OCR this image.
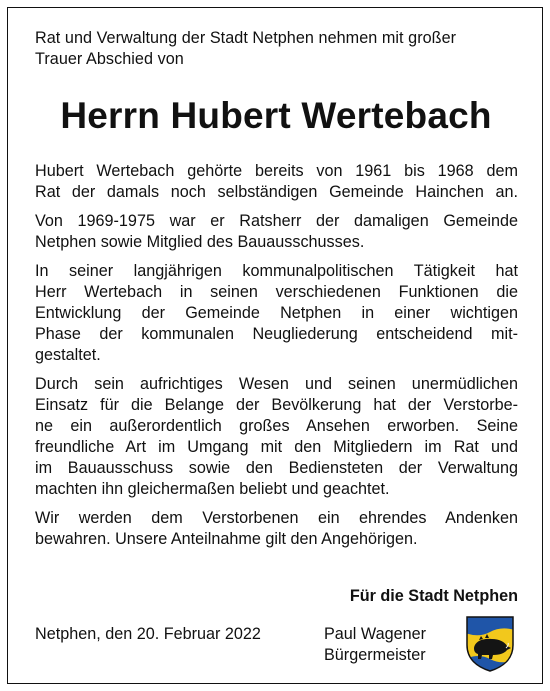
Rat und Verwaltung der Stadt Netphen nehmen mit großer
Trauer Abschied von

Herrn Hubert Wertebach

Hubert Wertebach gehörte bereits von 1961 bis 1968 dem
Rat der damals noch selbständigen Gemeinde Hainchen an.

Von 1969-1975 war er Ratsherr der damaligen Gemeinde
Netphen sowie Mitglied des Bauausschusses.

In seiner langjährigen kommunalpolitischen Tätigkeit hat
Herr Wertebach in seinen verschiedenen Funktionen die
Entwicklung der Gemeinde Netphen in einer wichtigen
Phase der kommunalen Neugliederung entscheidend mit-
gestaltet.

Durch sein aufrichtiges Wesen und seinen unermüdlichen
Einsatz für die Belange der Bevölkerung hat der Verstorbe-
ne ein außerordentlich großes Ansehen erworben. Seine
freundliche Art im Umgang mit den Mitgliedern im Rat und
im Bauausschuss sowie den Bediensteten der Verwaltung
machten ihn gleichermaßen beliebt und geachtet.

Wir werden dem Verstorbenen ein ehrendes Andenken
bewahren. Unsere Anteilnahme gilt den Angehörigen.

Für die Stadt Netphen

Netphen, den 20. Februar 2022	Paul Wagener
Bürgermeister
